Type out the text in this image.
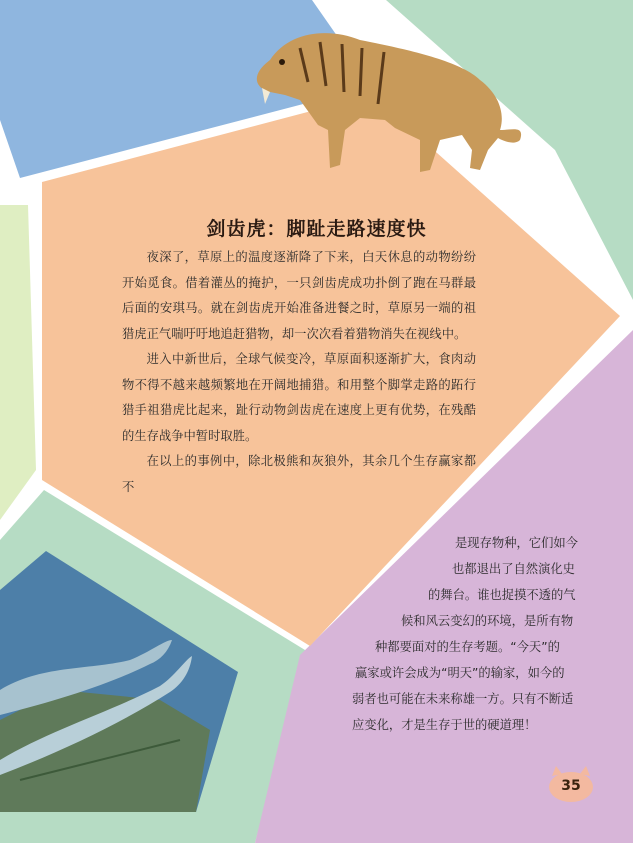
剑齿虎：脚趾走路速度快

夜深了，草原上的温度逐渐降了下来，白天休息的动物纷纷开始觅食。借着灌丛的掩护，一只剑齿虎成功扑倒了跑在马群最后面的安琪马。就在剑齿虎开始准备进餐之时，草原另一端的祖猎虎正气喘吁吁地追赶猎物，却一次次看着猎物消失在视线中。

进入中新世后，全球气候变冷，草原面积逐渐扩大，食肉动物不得不越来越频繁地在开阔地捕猎。和用整个脚掌走路的跖行猎手祖猎虎比起来，趾行动物剑齿虎在速度上更有优势，在残酷的生存战争中暂时取胜。

在以上的事例中，除北极熊和灰狼外，其余几个生存赢家都不

是现存物种，它们如今
也都退出了自然演化史
的舞台。谁也捉摸不透的气
候和风云变幻的环境，是所有物
种都要面对的生存考题。“今天”的
赢家或许会成为“明天”的输家，如今的
弱者也可能在未来称雄一方。只有不断适
应变化，才是生存于世的硬道理！
35
